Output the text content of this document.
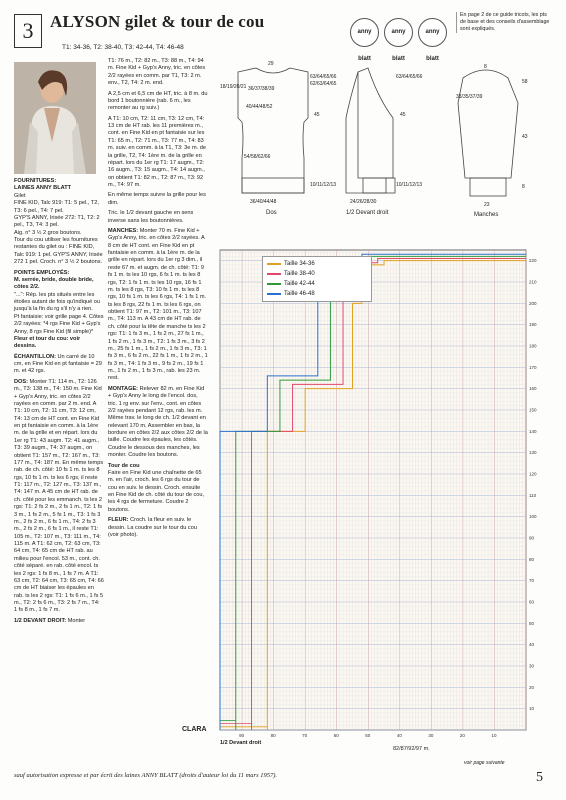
3 ALYSON gilet & tour de cou
T1: 34-36, T2: 38-40, T3: 42-44, T4: 46-48
anny blatt
anny blatt
anny blatt
En page 2 de ce guide tricots, les pts de base et des conseils d'assemblage sont expliqués.

FOURNITURES:
LAINES ANNY BLATT
Gilet
FINE KID, Talc 919: T1: 5 pel., T2, T3: 6 pel., T4: 7 pel.
GYP'S ANNY, Irisée 272: T1, T2: 2 pel., T3, T4: 3 pel.
Aig. n° 3 ½ 2 gros boutons.
Tour du cou utiliser les fournitures restantes du gilet ou : FINE KID, Talc 919: 1 pel. GYP'S ANNY, Irisée 272 1 pel. Croch. n° 3 ½ 2 boutons.

POINTS EMPLOYÉS:
M. serrée, bride, double bride, côtes 2/2.
"...": Rép. les pts situés entre les étoiles autant de fois qu'indiqué ou jusqu'à la fin du rg s'il n'y a rien.
Pt fantaisie: voir grille page 4. Côtes 2/2 rayées: *4 rgs Fine Kid + Gyp's Anny, 8 rgs Fine Kid (fil simple)*
Fleur et tour du cou: voir dessins.

ÉCHANTILLON: Un carré de 10 cm, en Fine Kid en pt fantaisie = 29 m. et 42 rgs.

DOS: Monter T1: 114 m., T2: 126 m., T3: 138 m., T4: 150 m. Fine Kid + Gyp's Anny, tric. en côtes 2/2 rayées en comm. par 2 m. end. A T1: 10 cm, T2: 11 cm, T3: 12 cm, T4: 13 cm de HT cont. en Fine Kid en pt fantaisie en comm. à la 1ère m. de la grille et en répart. lors du 1er rg T1: 43 augm. T2: 41 augm., T3: 39 augm., T4: 37 augm., on obtient T1: 157 m., T2: 167 m., T3: 177 m., T4: 187 m. En même temps rab. de ch. côté: 10 fs 1 m. ts les 8 rgs, 10 fs 1 m. ts les 6 rgs, il reste T1: 117 m., T2: 127 m., T3: 137 m., T4: 147 m. A 45 cm de HT rab. de ch. côté pour les emmanch. ts les 2 rgs: T1: 2 fs 2 m., 2 fs 1 m., T2: 1 fs 3 m., 1 fs 2 m., 5 fs 1 m., T3: 1 fs 3 m., 2 fs 2 m., 6 fs 1 m., T4: 2 fs 3 m., 2 fs 2 m., 6 fs 1 m., il reste T1: 105 m., T2: 107 m., T3: 111 m., T4: 115 m. A T1: 62 cm, T2: 63 cm, T3: 64 cm, T4: 65 cm de HT rab. au milieu pour l'encol. 53 m., cont. ch. côté séparé. en rab. côté encol. ts les 2 rgs: 1 fs 8 m., 1 fs 7 m. A T1: 63 cm, T2: 64 cm, T3: 65 cm, T4: 66 cm de HT biaiser les épaules en rab. ts les 2 rgs: T1: 1 fs 6 m., 1 fs 5 m., T2: 2 fs 6 m., T3: 2 fs 7 m., T4: 1 fs 8 m., 1 fs 7 m.

1/2 DEVANT DROIT: Monter

T1: 76 m., T2: 82 m., T3: 88 m., T4: 94 m. Fine Kid + Gyp's Anny, tric. en côtes 2/2 rayées en comm. par T1, T3: 2 m. env., T2, T4: 2 m. end.

A 2,5 cm et 6,5 cm de HT, tric. à 8 m. du bord 1 boutonnière (rab. 6 m., les remonter au rg suiv.)

A T1: 10 cm, T2: 11 cm, T3: 12 cm, T4: 13 cm de HT rab. les 11 premières m., cont. en Fine Kid en pt fantaisie sur les T1: 65 m., T2: 71 m., T3: 77 m., T4: 83 m. suiv. en comm. à la T1, T3: 3e m. de la grille, T2, T4: 1ère m. de la grille en répart. lors du 1er rg T1: 17 augm., T2: 16 augm., T3: 15 augm., T4: 14 augm., on obtient T1: 82 m., T2: 87 m., T3: 92 m., T4: 97 m.

En même temps suivre la grille pour les dim.

Tric. le 1/2 devant gauche en sens inverse sans les boutonnières.

MANCHES: Monter 70 m. Fine Kid + Gyp's Anny, tric. en côtes 2/2 rayées. A 8 cm de HT cont. en Fine Kid en pt fantaisie en comm. à la 1ère m. de la grille en répart. lors du 1er rg 3 dim., il reste 67 m. et augm. de ch. côté: T1: 9 fs 1 m. ts les 10 rgs, 6 fs 1 m. ts les 8 rgs, T2: 1 fs 1 m. ts les 10 rgs, 16 fs 1 m. ts les 8 rgs, T3: 10 fs 1 m. ts les 8 rgs, 10 fs 1 m. ts les 6 rgs, T4: 1 fs 1 m. ts les 8 rgs, 22 fs 1 m. ts les 6 rgs, on obtient T1: 97 m., T2: 101 m., T3: 107 m., T4: 113 m. A 43 cm de HT rab. de ch. côté pour la tête de manche ts les 2 rgs: T1: 1 fs 3 m., 1 fs 2 m., 27 fs 1 m., 1 fs 2 m., 1 fs 3 m., T2: 1 fs 3 m., 3 fs 2 m., 25 fs 1 m., 1 fs 2 m., 1 fs 3 m., T3: 1 fs 3 m., 6 fs 2 m., 22 fs 1 m., 1 fs 2 m., 1 fs 3 m., T4: 1 fs 3 m., 9 fs 2 m., 19 fs 1 m., 1 fs 2 m., 1 fs 3 m., rab. les 23 m. rest.

MONTAGE: Relever 82 m. en Fine Kid + Gyp's Anny le long de l'encol. dos, tric. 1 rg env. sur l'env., cont. en côtes 2/2 rayées pendant 12 rgs, rab. les m. Même trav. le long de ch. 1/2 devant en relevant 170 m. Assembler en bas, la bordure en côtes 2/2 aux côtes 2/2 de la taille. Coudre les épaules, les côtés. Coudre le dessous des manches, les monter. Coudre les boutons.

Tour de cou
Faire en Fine Kid une chaînette de 65 m. en l'air, croch. les 6 rgs du tour de cou en suiv. le dessin. Croch. ensuite en Fine Kid de ch. côté du tour de cou, les 4 rgs de fermeture. Coudre 2 boutons.

FLEUR: Croch. la fleur en suiv. le dessin. La coudre sur le tour du cou (voir photo).

29
18/19/20/21 36/37/38/39
40/44/48/52
54/58/62/66
36/40/44/48
63/64/65/66
62/63/64/65
45
10/11/12/13
Dos
63/64/65/66
45
10/11/12/13
24/26/28/30
1/2 Devant droit
8
33/35/37/39
58
43
8
23
Manches
10
20
30
40
50
60
70
80
90
100
110
120
130
140
150
160
170
180
190
200
210
220
90	80	70	60	50	40	30	20	10
1/2 Devant droit
82/87/92/97 m.
Taille 34-36
Taille 38-40
Taille 42-44
Taille 46-48
CLARA
voir page suivante
sauf autorisation expresse et par écrit des laines ANNY BLATT (droits d'auteur loi du 11 mars 1957).	5
